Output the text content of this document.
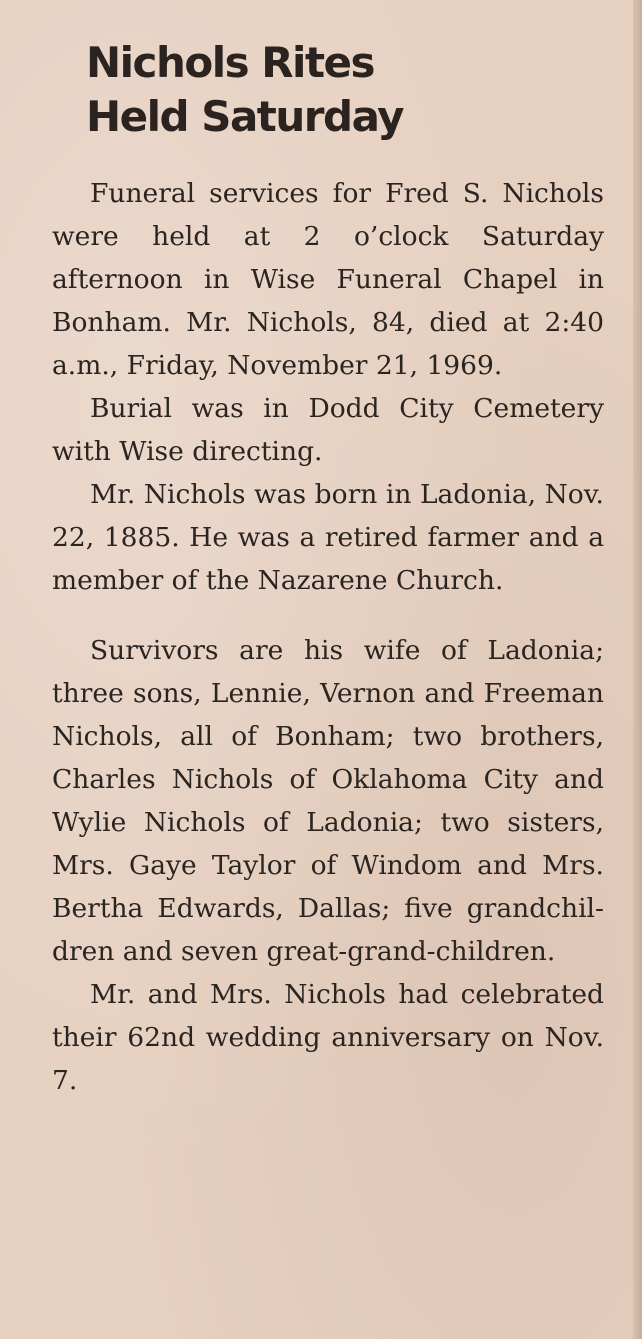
Nichols Rites
Held Saturday

Funeral services for Fred S. Nichols were held at 2 o’clock Saturday afternoon in Wise Funeral Chapel in Bonham. Mr. Nichols, 84, died at 2:40 a.m., Friday, November 21, 1969.

Burial was in Dodd City Cemetery with Wise directing.

Mr. Nichols was born in Ladonia, Nov. 22, 1885. He was a retired farmer and a member of the Nazarene Church.

Survivors are his wife of Ladonia; three sons, Lennie, Vernon and Freeman Nichols, all of Bonham; two brothers, Charles Nichols of Oklahoma City and Wylie Nichols of Ladonia; two sisters, Mrs. Gaye Taylor of Windom and Mrs. Bertha Edwards, Dallas; five grandchildren and seven great-grand-children.

Mr. and Mrs. Nichols had celebrated their 62nd wedding anniversary on Nov. 7.
